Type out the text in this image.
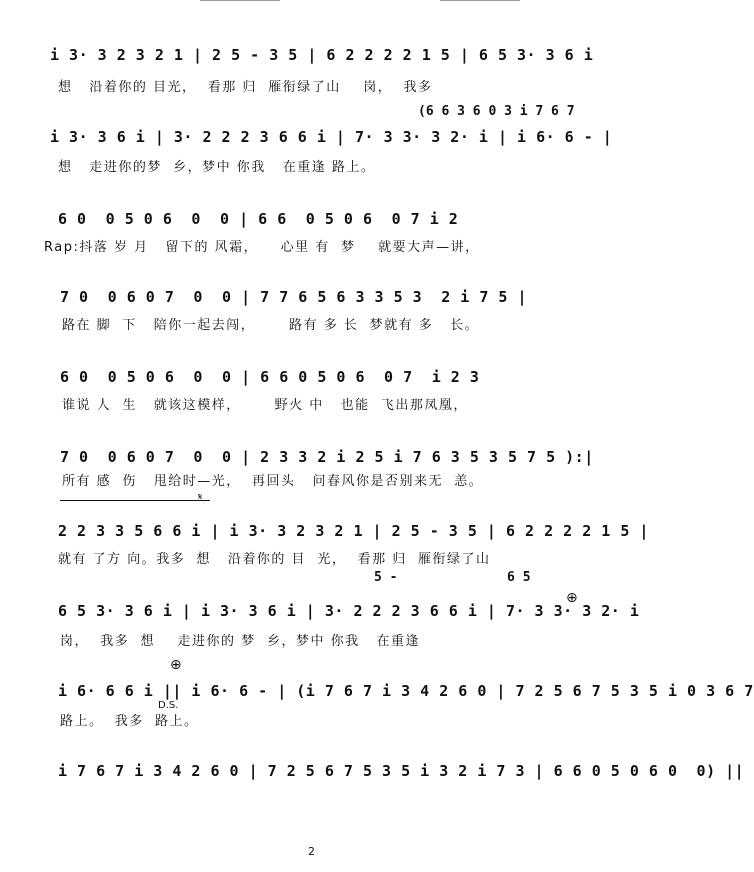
i 3· 3 2 3 2 1 | 2 5 - 3 5 | 6 2 2 2 2 1 5 | 6 5 3· 3 6 i
想   沿着你的 目光，  看那 归  雁衔绿了山    岗，  我多
(6 6 3 6 0 3 i 7 6 7
i 3· 3 6 i | 3· 2 2 2 3 6 6 i | 7· 3 3· 3 2· i | i 6· 6 - |
想   走进你的梦  乡，梦中 你我   在重逢 路上。
6 0  0 5 0 6  0  0 | 6 6  0 5 0 6  0 7 i 2
Rap:抖落 岁 月   留下的 风霜，    心里 有  梦    就要大声—讲，
7 0  0 6 0 7  0  0 | 7 7 6 5 6 3 3 5 3  2 i 7 5 |
路在 脚  下   陪你一起去闯，      路有 多 长  梦就有 多   长。
6 0  0 5 0 6  0  0 | 6 6 0 5 0 6  0 7  i 2 3
谁说 人  生   就该这模样，      野火 中   也能  飞出那凤凰，
7 0  0 6 0 7  0  0 | 2 3 3 2 i 2 5 i 7 6 3 5 3 5 7 5 ):|
所有 感  伤   甩给时—光，  再回头   问春风你是否别来无  恙。
𝄋
2 2 3 3 5 6 6 i | i 3· 3 2 3 2 1 | 2 5 - 3 5 | 6 2 2 2 2 1 5 |
就有 了方 向。我多  想   沿着你的 目  光，  看那 归  雁衔绿了山
5 -              6 5
6 5 3· 3 6 i | i 3· 3 6 i | 3· 2 2 2 3 6 6 i | 7· 3 3· 3 2· i
岗，  我多  想    走进你的 梦  乡，梦中 你我   在重逢
⊕
⊕
i 6· 6 6 i || i 6· 6 - | (i 7 6 7 i 3 4 2 6 0 | 7 2 5 6 7 5 3 5 i 0 3 6 7
D.S.
路上。  我多  路上。
i 7 6 7 i 3 4 2 6 0 | 7 2 5 6 7 5 3 5 i 3 2 i 7 3 | 6 6 0 5 0 6 0  0) ||
2
